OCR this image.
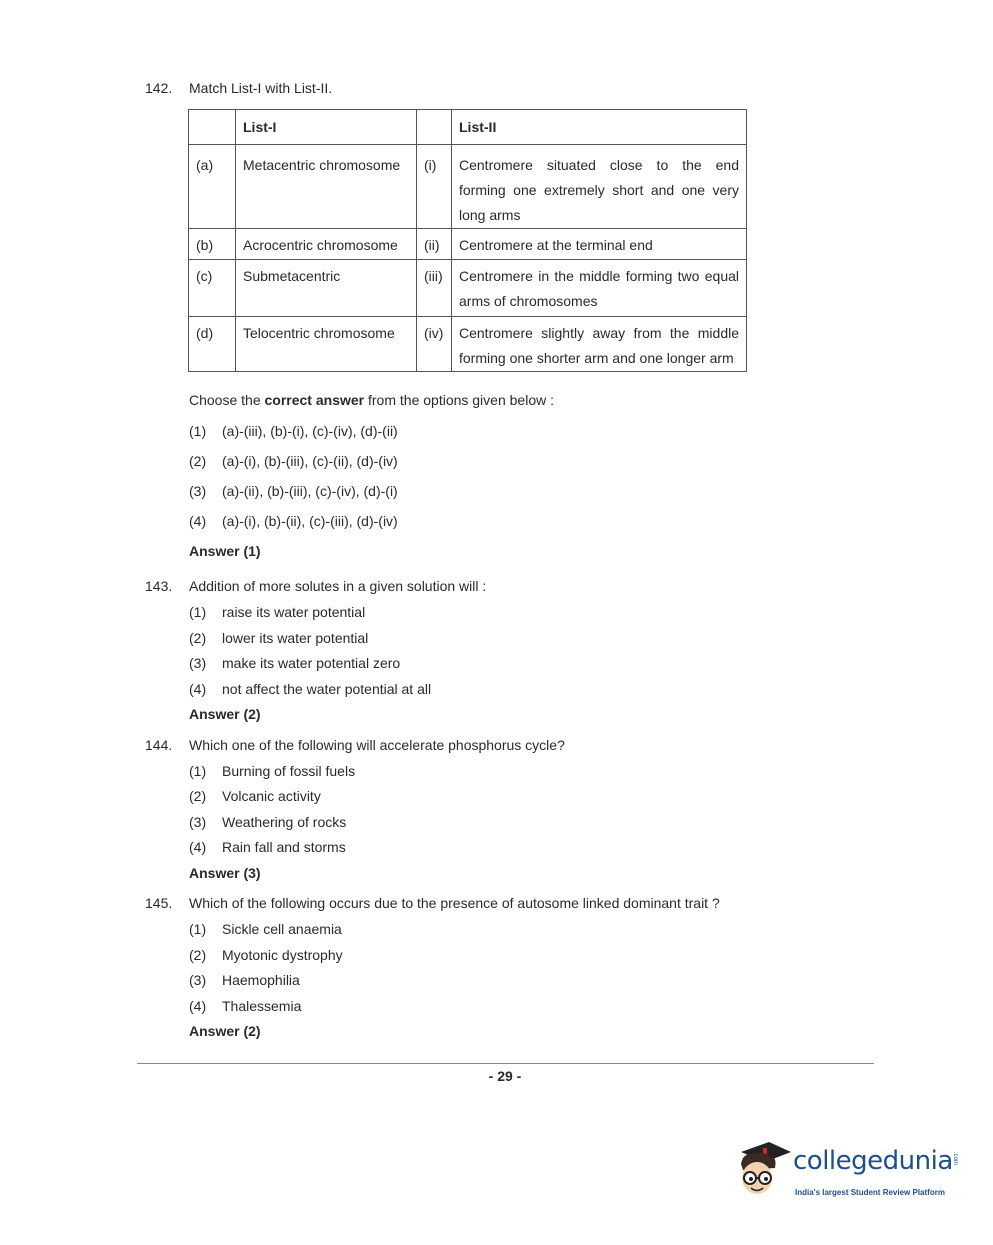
142. Match List-I with List-II.
	List-I		List-II
(a)	Metacentric chromosome	(i)	Centromere situated close to the end forming one extremely short and one very long arms
(b)	Acrocentric chromosome	(ii)	Centromere at the terminal end
(c)	Submetacentric	(iii)	Centromere in the middle forming two equal arms of chromosomes
(d)	Telocentric chromosome	(iv)	Centromere slightly away from the middle forming one shorter arm and one longer arm
Choose the correct answer from the options given below :
(1) (a)-(iii), (b)-(i), (c)-(iv), (d)-(ii)
(2) (a)-(i), (b)-(iii), (c)-(ii), (d)-(iv)
(3) (a)-(ii), (b)-(iii), (c)-(iv), (d)-(i)
(4) (a)-(i), (b)-(ii), (c)-(iii), (d)-(iv)
Answer (1)
143. Addition of more solutes in a given solution will :
(1) raise its water potential
(2) lower its water potential
(3) make its water potential zero
(4) not affect the water potential at all
Answer (2)
144. Which one of the following will accelerate phosphorus cycle?
(1) Burning of fossil fuels
(2) Volcanic activity
(3) Weathering of rocks
(4) Rain fall and storms
Answer (3)
145. Which of the following occurs due to the presence of autosome linked dominant trait ?
(1) Sickle cell anaemia
(2) Myotonic dystrophy
(3) Haemophilia
(4) Thalessemia
Answer (2)
- 29 -
collegedunia .com
India's largest Student Review Platform
